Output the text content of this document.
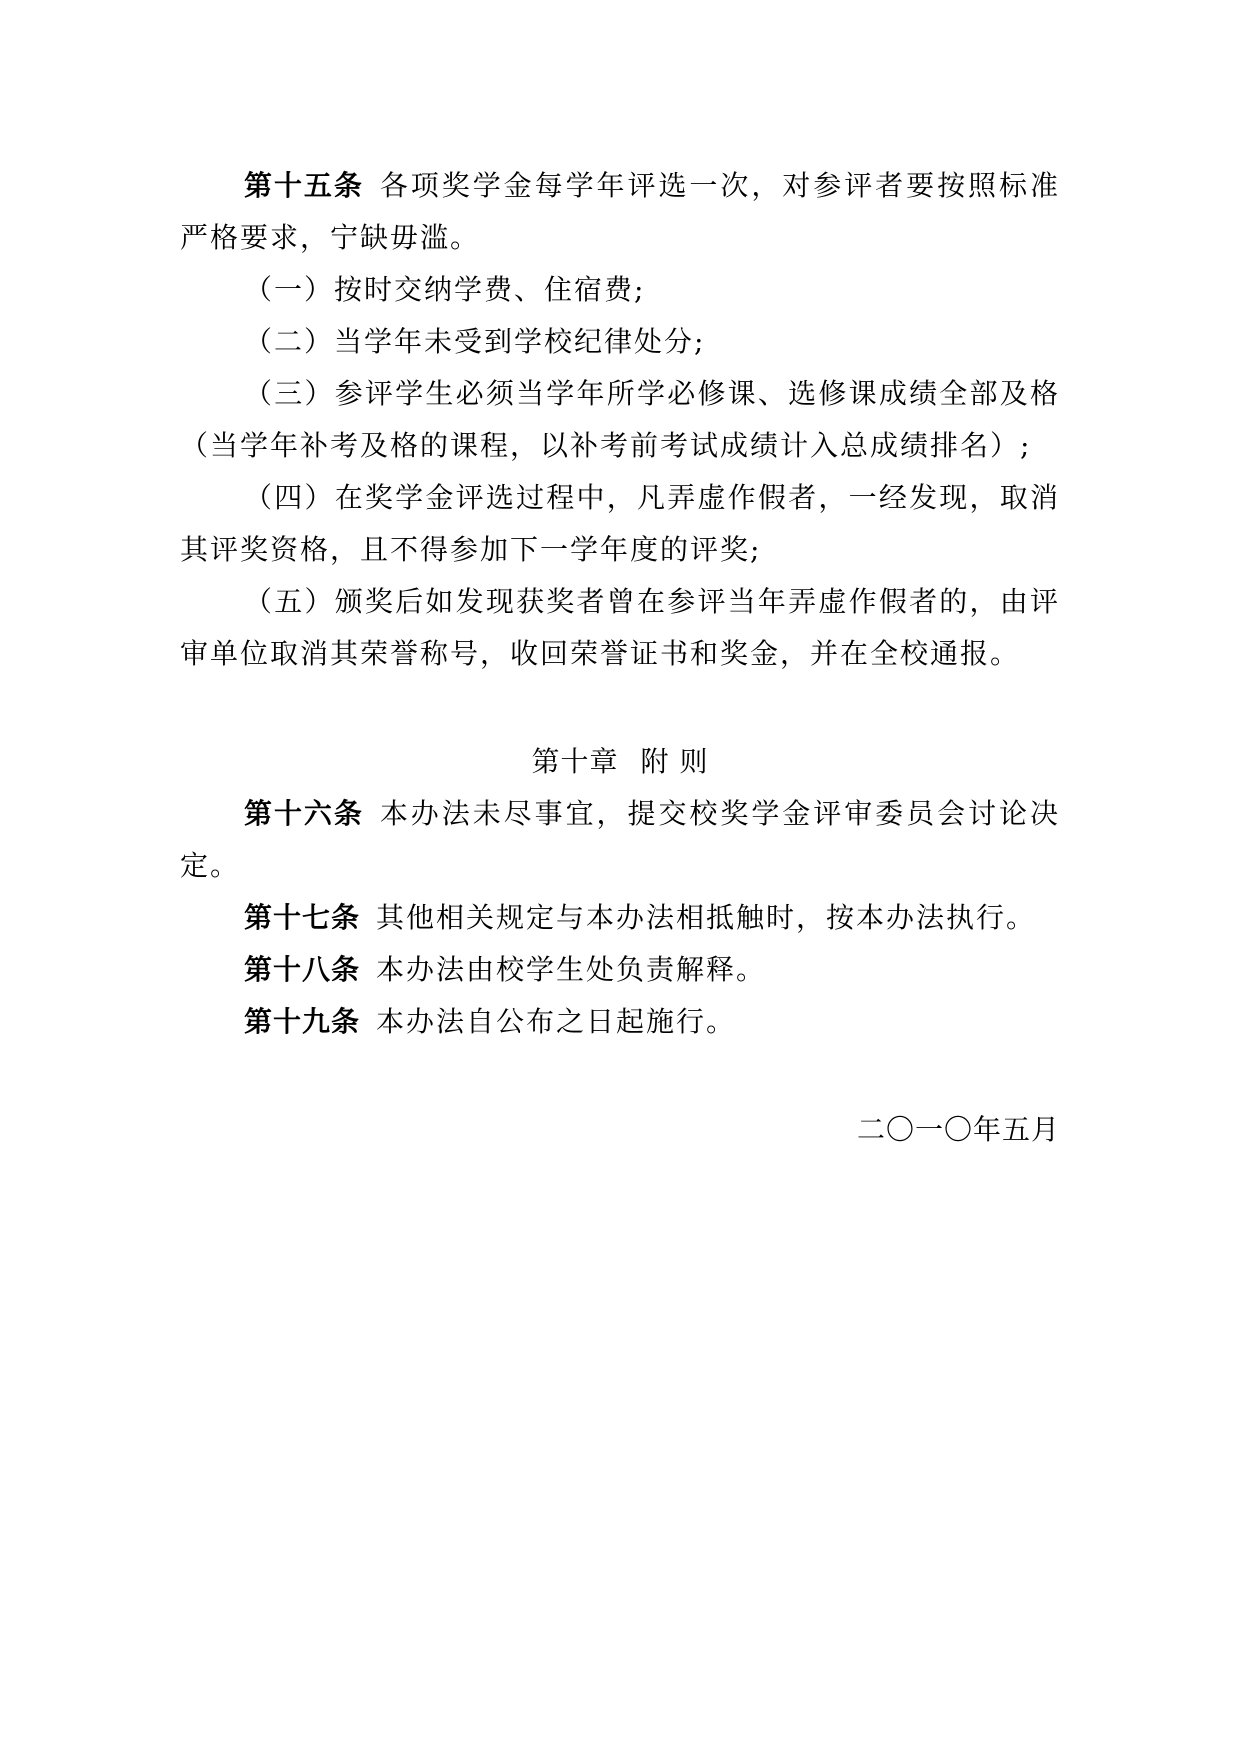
第十五条 各项奖学金每学年评选一次，对参评者要按照标准严格要求，宁缺毋滥。

（一）按时交纳学费、住宿费;

（二）当学年未受到学校纪律处分;

（三）参评学生必须当学年所学必修课、选修课成绩全部及格（当学年补考及格的课程，以补考前考试成绩计入总成绩排名）;

（四）在奖学金评选过程中，凡弄虚作假者，一经发现，取消其评奖资格，且不得参加下一学年度的评奖;

（五）颁奖后如发现获奖者曾在参评当年弄虚作假者的，由评审单位取消其荣誉称号，收回荣誉证书和奖金，并在全校通报。

第十章 附 则

第十六条 本办法未尽事宜，提交校奖学金评审委员会讨论决定。

第十七条 其他相关规定与本办法相抵触时，按本办法执行。

第十八条 本办法由校学生处负责解释。

第十九条 本办法自公布之日起施行。

二〇一〇年五月
